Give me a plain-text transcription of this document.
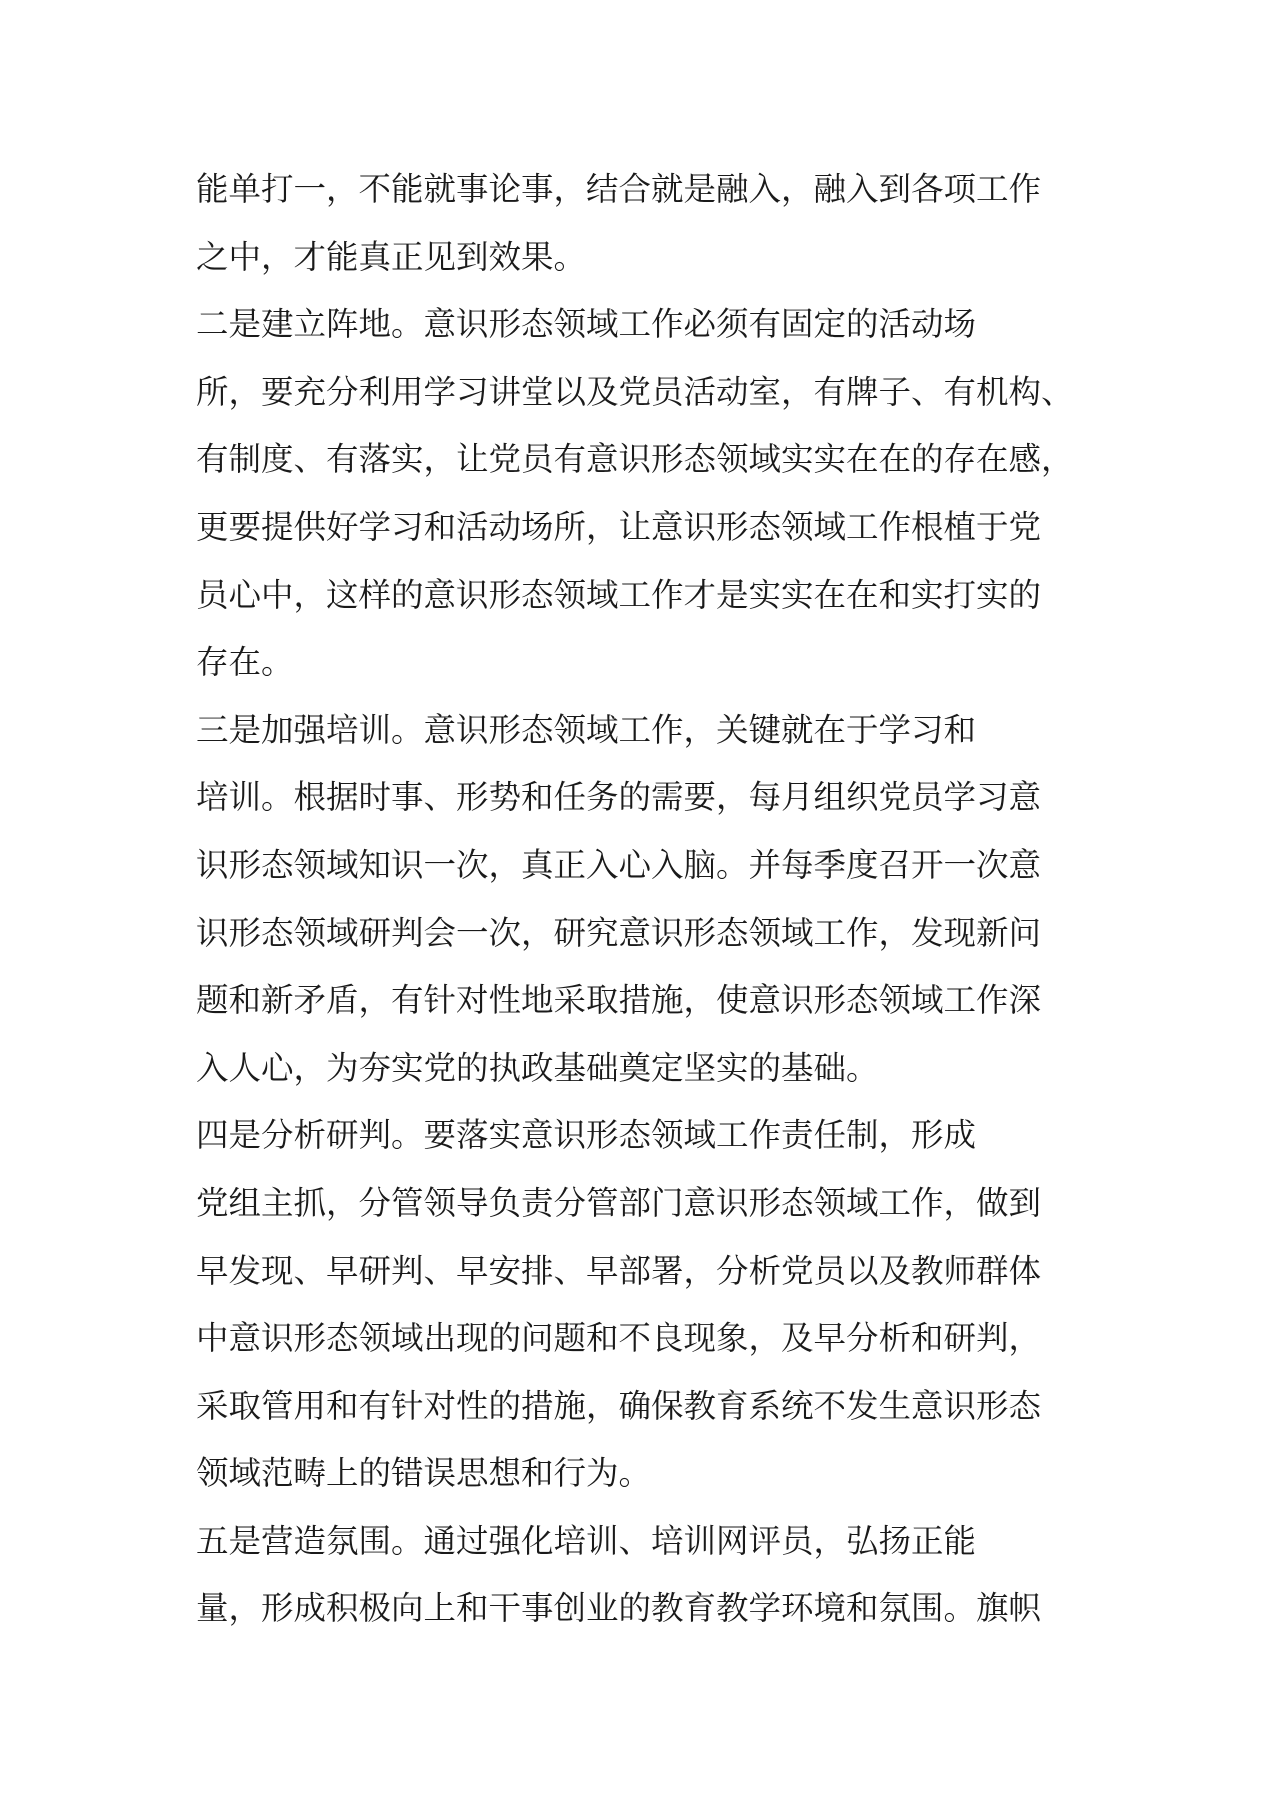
能单打一，不能就事论事，结合就是融入，融入到各项工作

之中，才能真正见到效果。

二是建立阵地。意识形态领域工作必须有固定的活动场

所，要充分利用学习讲堂以及党员活动室，有牌子、有机构、

有制度、有落实，让党员有意识形态领域实实在在的存在感，

更要提供好学习和活动场所，让意识形态领域工作根植于党

员心中，这样的意识形态领域工作才是实实在在和实打实的

存在。

三是加强培训。意识形态领域工作，关键就在于学习和

培训。根据时事、形势和任务的需要，每月组织党员学习意

识形态领域知识一次，真正入心入脑。并每季度召开一次意

识形态领域研判会一次，研究意识形态领域工作，发现新问

题和新矛盾，有针对性地采取措施，使意识形态领域工作深

入人心，为夯实党的执政基础奠定坚实的基础。

四是分析研判。要落实意识形态领域工作责任制，形成

党组主抓，分管领导负责分管部门意识形态领域工作，做到

早发现、早研判、早安排、早部署，分析党员以及教师群体

中意识形态领域出现的问题和不良现象，及早分析和研判，

采取管用和有针对性的措施，确保教育系统不发生意识形态

领域范畴上的错误思想和行为。

五是营造氛围。通过强化培训、培训网评员，弘扬正能

量，形成积极向上和干事创业的教育教学环境和氛围。旗帜
